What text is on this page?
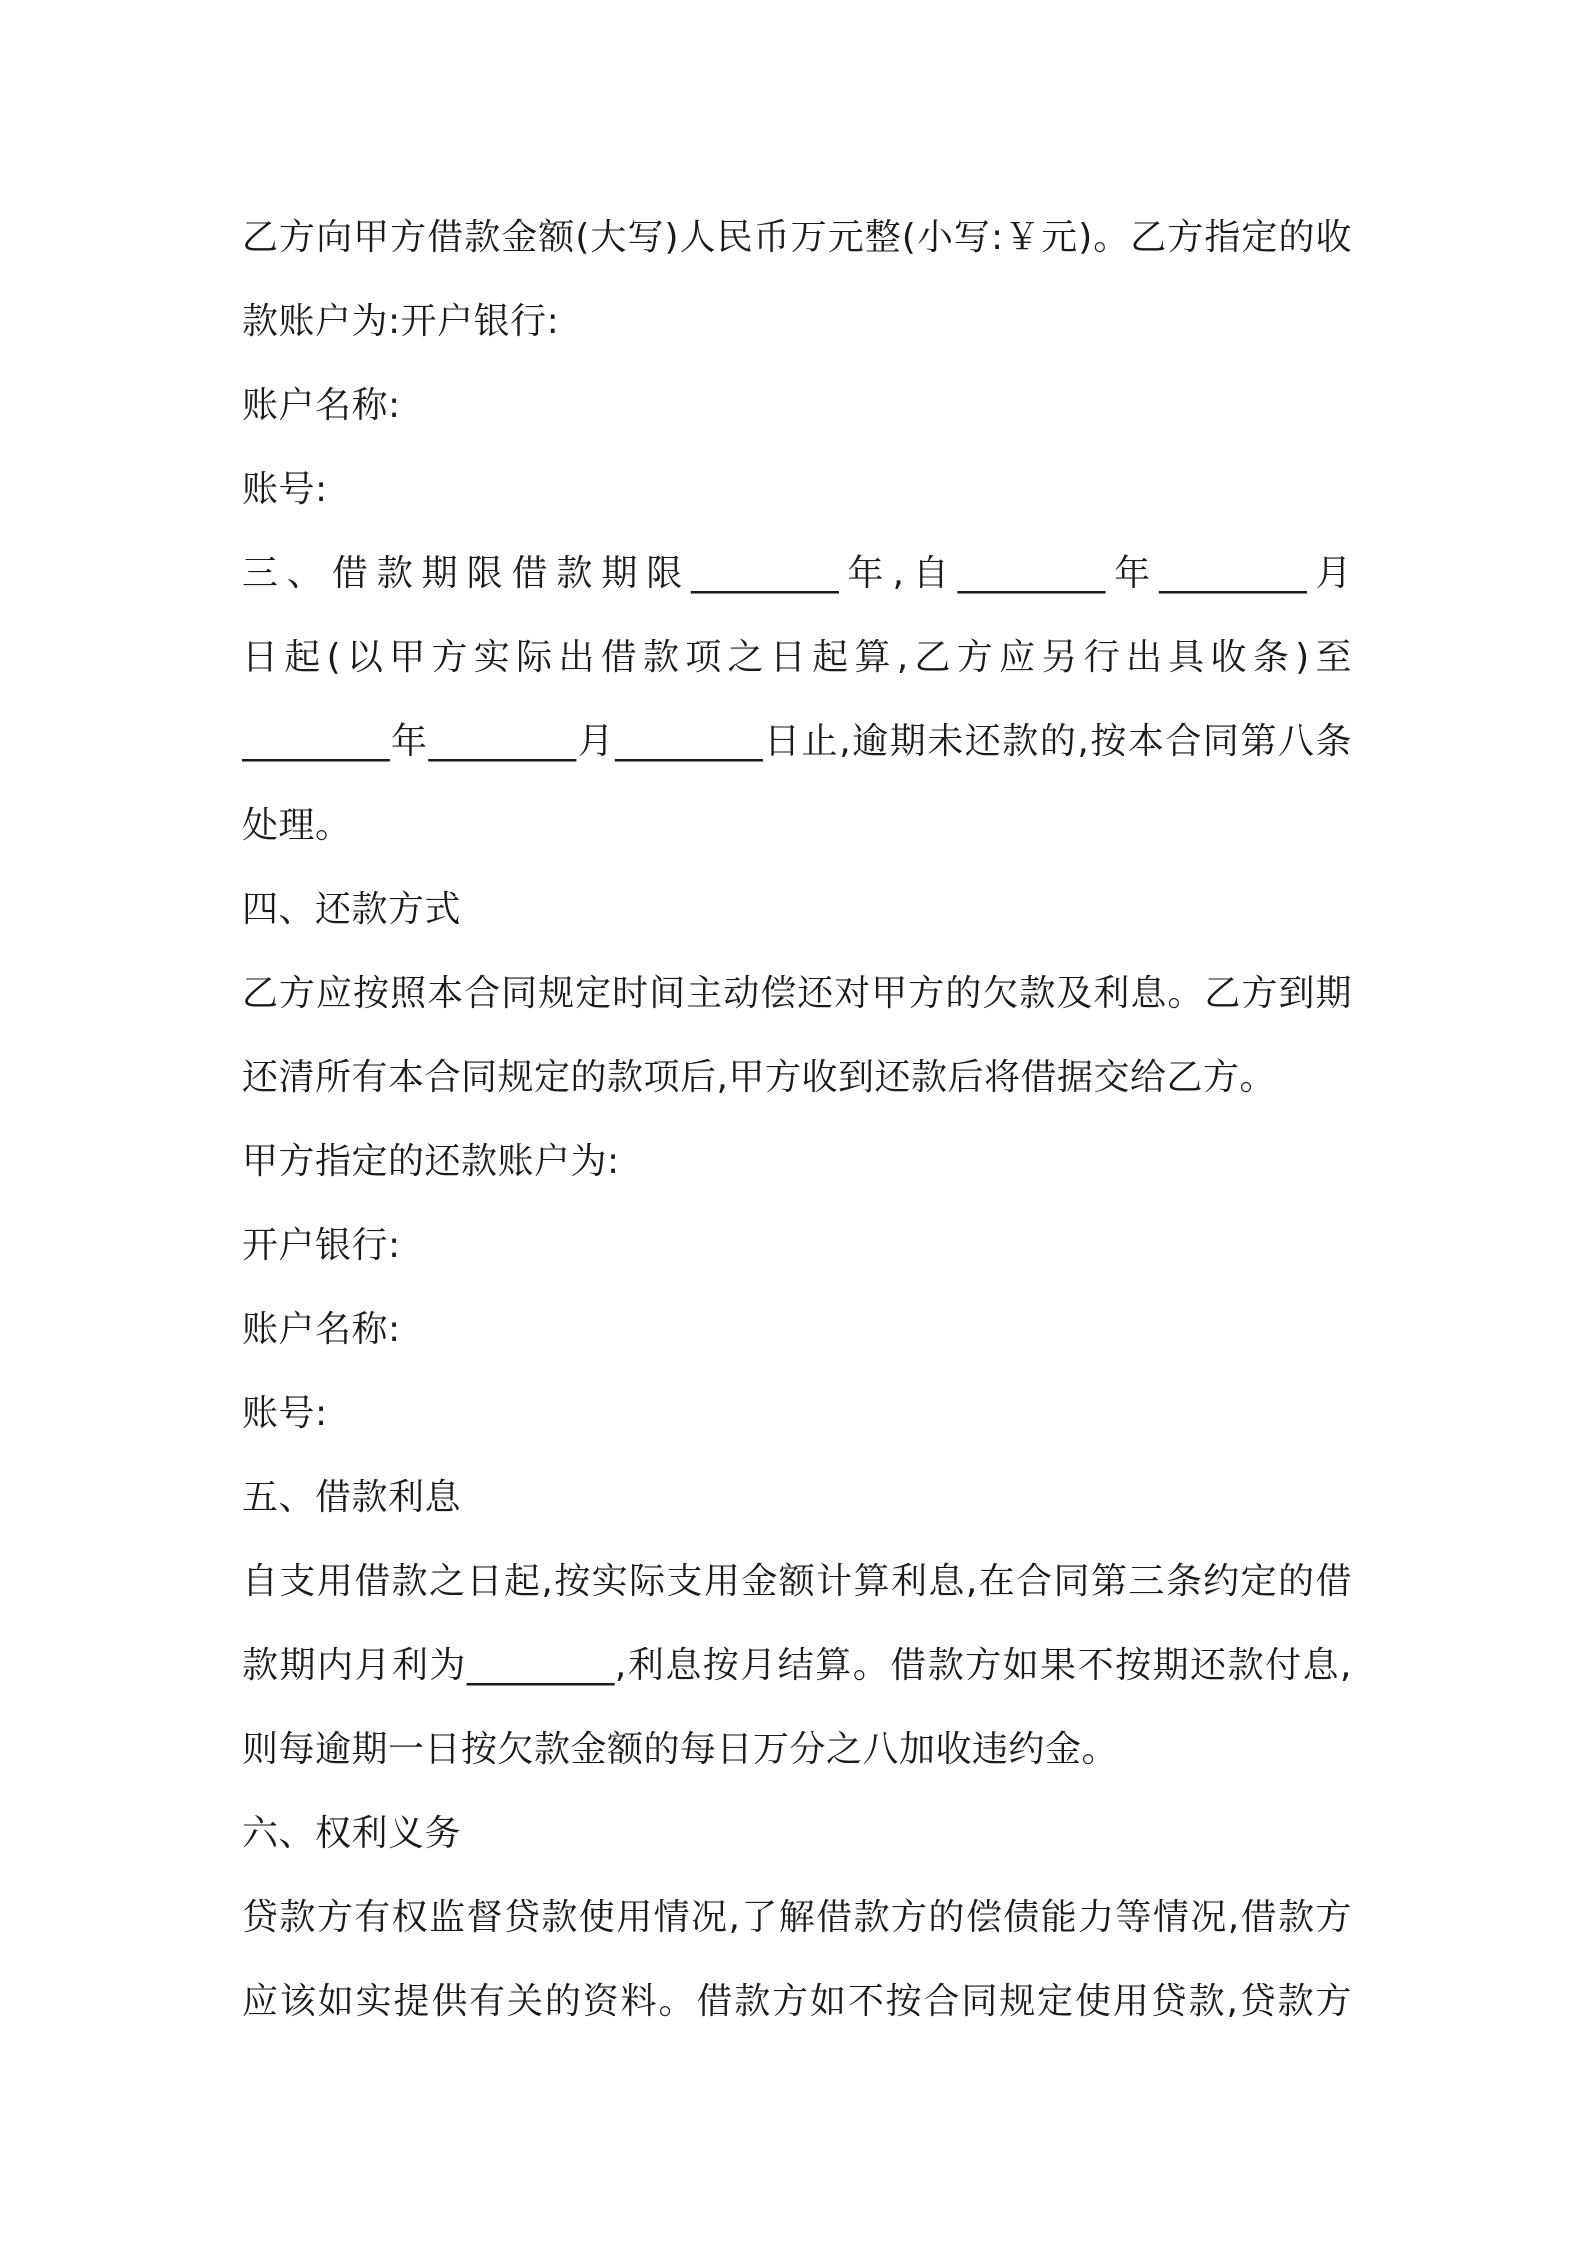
乙方向甲方借款金额(大写)人民币万元整(小写:￥元)。乙方指定的收
款账户为:开户银行:
账户名称:
账号:
三、借款期限借款期限________年,自________年________月
日起(以甲方实际出借款项之日起算,乙方应另行出具收条)至
________年________月________日止,逾期未还款的,按本合同第八条
处理。
四、还款方式
乙方应按照本合同规定时间主动偿还对甲方的欠款及利息。乙方到期
还清所有本合同规定的款项后,甲方收到还款后将借据交给乙方。
甲方指定的还款账户为:
开户银行:
账户名称:
账号:
五、借款利息
自支用借款之日起,按实际支用金额计算利息,在合同第三条约定的借
款期内月利为________,利息按月结算。借款方如果不按期还款付息,
则每逾期一日按欠款金额的每日万分之八加收违约金。
六、权利义务
贷款方有权监督贷款使用情况,了解借款方的偿债能力等情况,借款方
应该如实提供有关的资料。借款方如不按合同规定使用贷款,贷款方
